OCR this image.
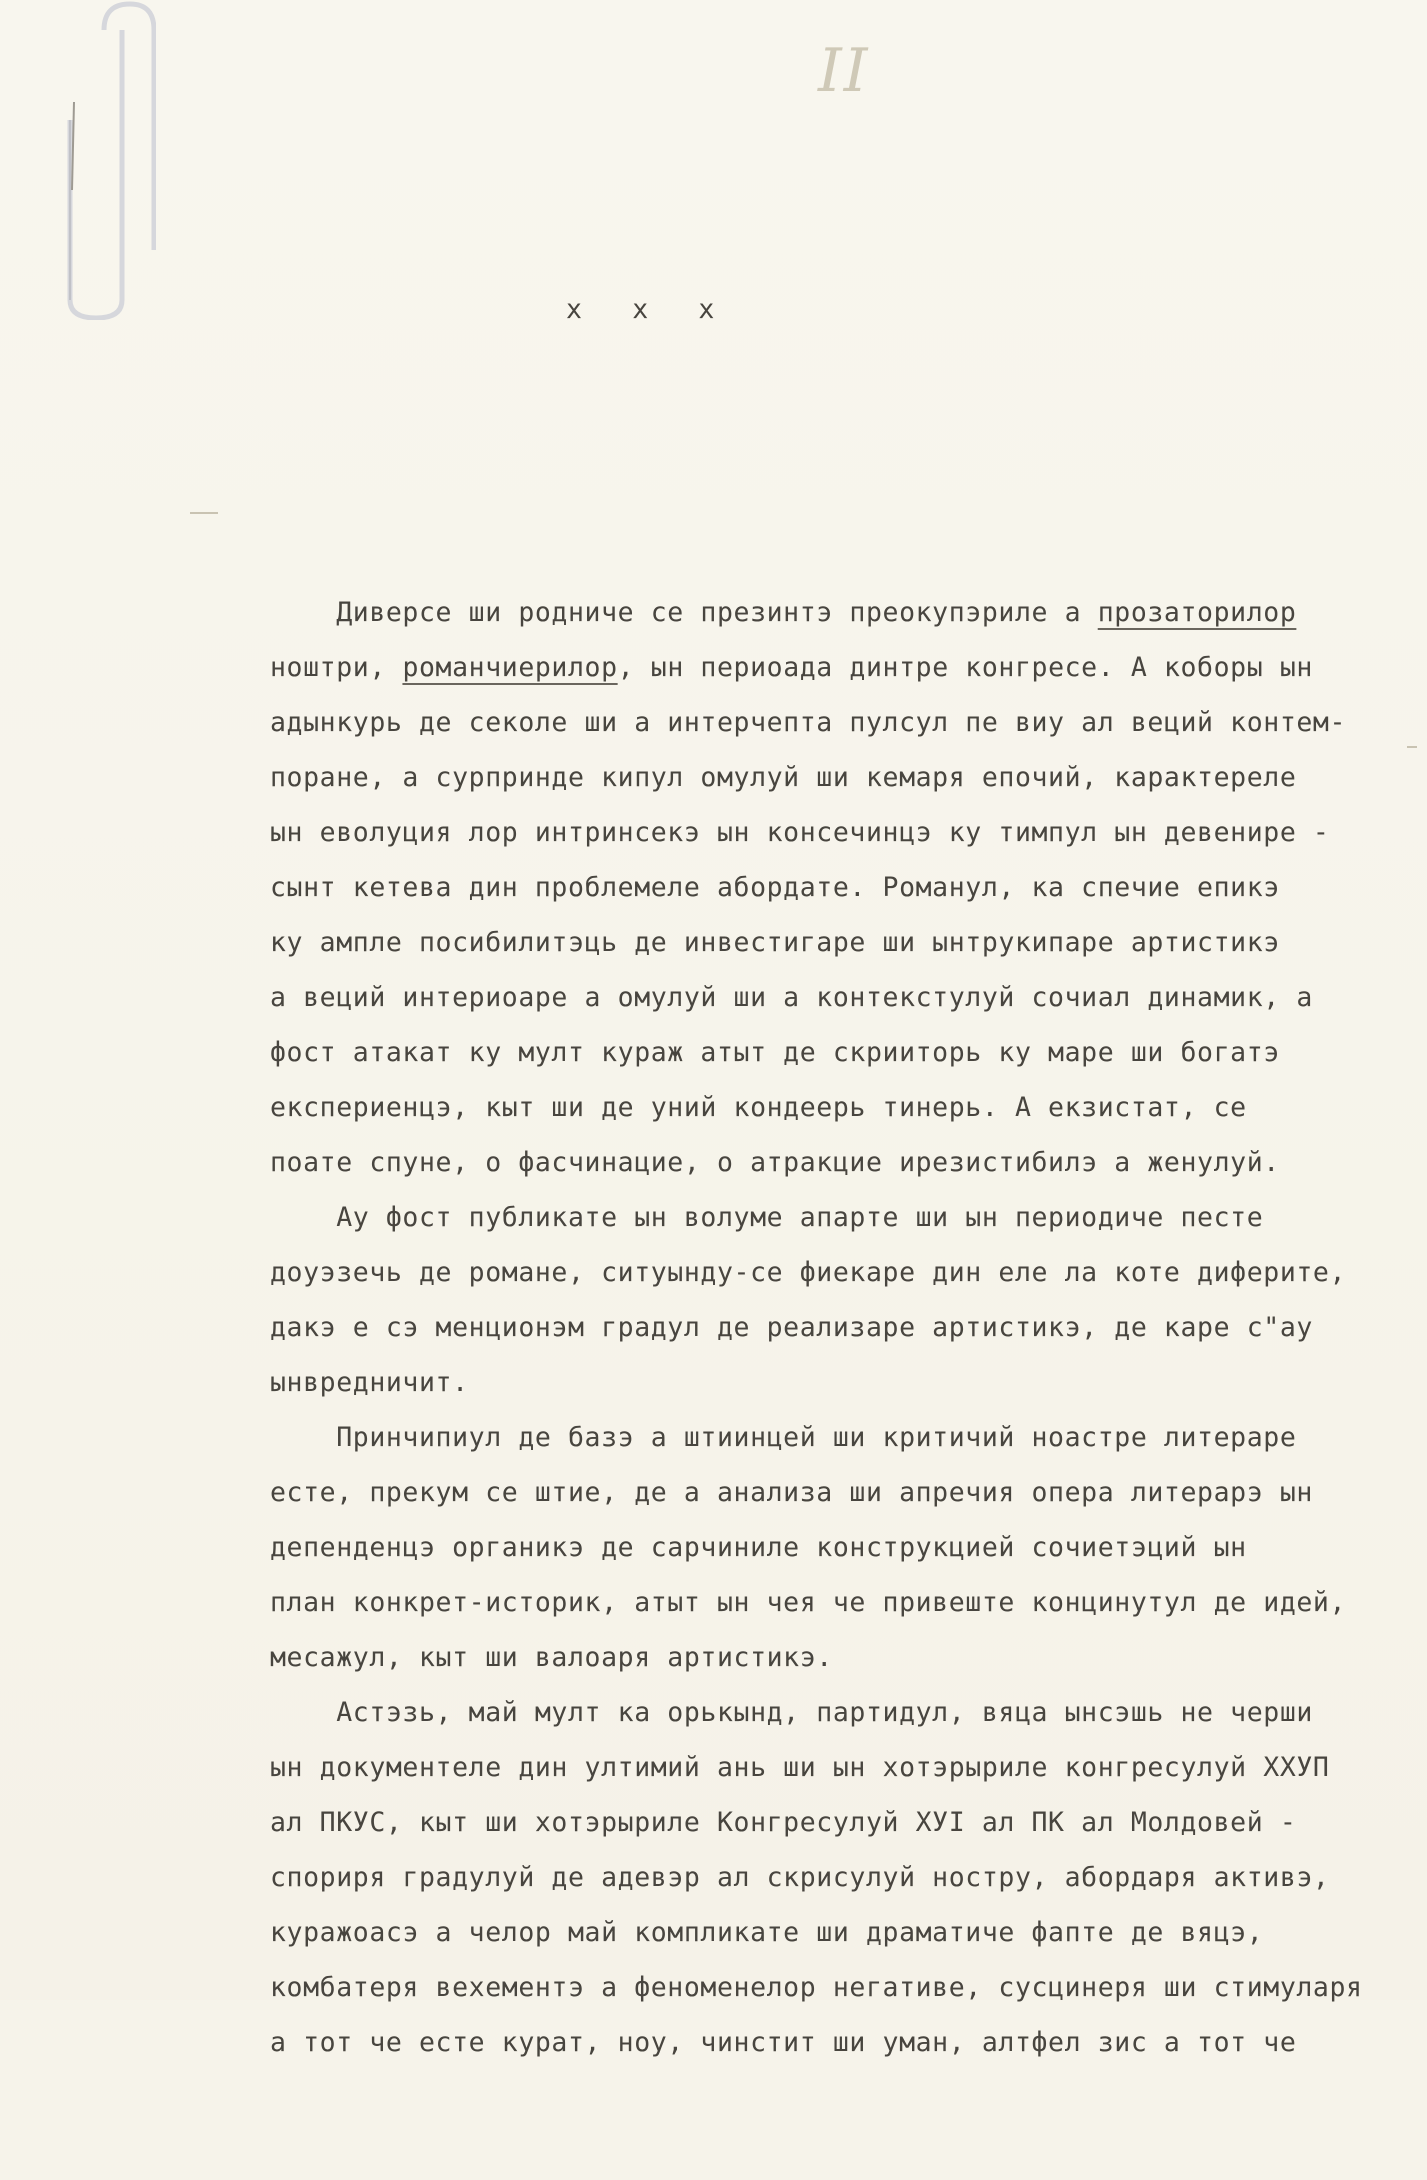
II

x   x   x

Диверсе ши родниче се презинтэ преокупэриле а прозаторилор
ноштри, романчиерилор, ын периоада динтре конгресе. А коборы ын
адынкурь де секоле ши а интерчепта пулсул пе виу ал веций контем-
поране, а сурпринде кипул омулуй ши кемаря епочий, карактереле
ын еволуция лор интринсекэ ын консечинцэ ку тимпул ын девенире -
сынт кетева дин проблемеле абордате. Романул, ка спечие епикэ
ку ампле посибилитэць де инвестигаре ши ынтрукипаре артистикэ
а веций интериоаре а омулуй ши а контекстулуй сочиал динамик, а
фост атакат ку мулт кураж атыт де скрииторь ку маре ши богатэ
експериенцэ, кыт ши де уний кондеерь тинерь. А екзистат, се
поате спуне, о фасчинацие, о атракцие ирезистибилэ а женулуй.
Ау фост публикате ын волуме апарте ши ын периодиче песте
доуэзечь де романе, ситуынду-се фиекаре дин еле ла коте диферите,
дакэ е сэ менционэм градул де реализаре артистикэ, де каре с"ау
ынвредничит.
Принчипиул де базэ а штиинцей ши критичий ноастре литераре
есте, прекум се штие, де а анализа ши апречия опера литерарэ ын
депенденцэ органикэ де сарчиниле конструкцией сочиетэций ын
план конкрет-историк, атыт ын чея че привеште концинутул де идей,
месажул, кыт ши валоаря артистикэ.
Астэзь, май мулт ка орькынд, партидул, вяца ынсэшь не черши
ын документеле дин ултимий ань ши ын хотэрыриле конгресулуй ХХУП
ал ПКУС, кыт ши хотэрыриле Конгресулуй ХУI ал ПК ал Молдовей -
спориря градулуй де адевэр ал скрисулуй ностру, абордаря активэ,
куражоасэ а челор май компликате ши драматиче фапте де вяцэ,
комбатеря вехементэ а феноменелор негативе, сусцинеря ши стимуларя
а тот че есте курат, ноу, чинстит ши уман, алтфел зис а тот че
